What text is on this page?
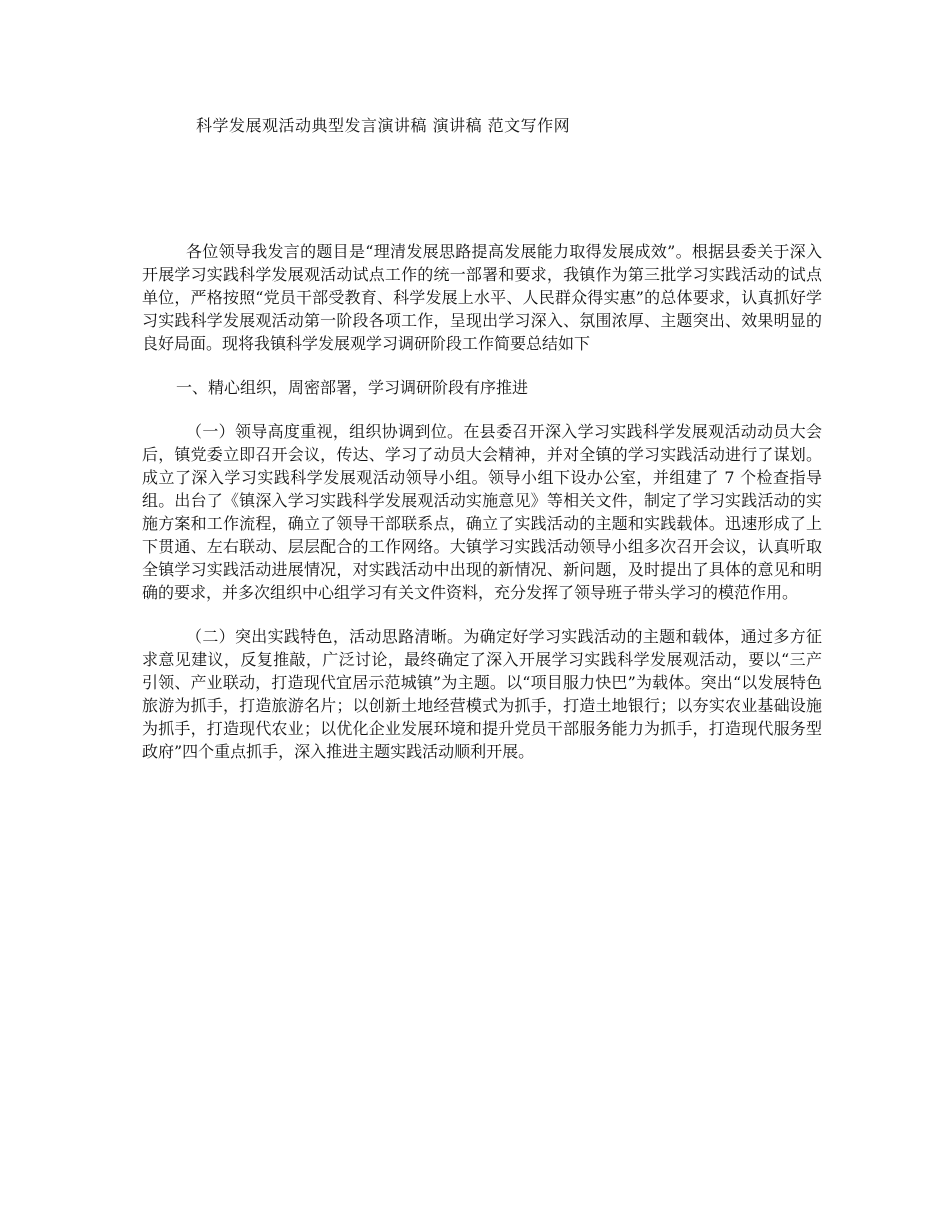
科学发展观活动典型发言演讲稿 演讲稿 范文写作网

各位领导我发言的题目是“理清发展思路提高发展能力取得发展成效”。根据县委关于深入开展学习实践科学发展观活动试点工作的统一部署和要求，我镇作为第三批学习实践活动的试点单位，严格按照“党员干部受教育、科学发展上水平、人民群众得实惠”的总体要求，认真抓好学习实践科学发展观活动第一阶段各项工作，呈现出学习深入、氛围浓厚、主题突出、效果明显的良好局面。现将我镇科学发展观学习调研阶段工作简要总结如下

一、精心组织，周密部署，学习调研阶段有序推进

（一）领导高度重视，组织协调到位。在县委召开深入学习实践科学发展观活动动员大会后，镇党委立即召开会议，传达、学习了动员大会精神，并对全镇的学习实践活动进行了谋划。成立了深入学习实践科学发展观活动领导小组。领导小组下设办公室，并组建了 7 个检查指导组。出台了《镇深入学习实践科学发展观活动实施意见》等相关文件，制定了学习实践活动的实施方案和工作流程，确立了领导干部联系点，确立了实践活动的主题和实践载体。迅速形成了上下贯通、左右联动、层层配合的工作网络。大镇学习实践活动领导小组多次召开会议，认真听取全镇学习实践活动进展情况，对实践活动中出现的新情况、新问题，及时提出了具体的意见和明确的要求，并多次组织中心组学习有关文件资料，充分发挥了领导班子带头学习的模范作用。

（二）突出实践特色，活动思路清晰。为确定好学习实践活动的主题和载体，通过多方征求意见建议，反复推敲，广泛讨论，最终确定了深入开展学习实践科学发展观活动，要以“三产引领、产业联动，打造现代宜居示范城镇”为主题。以“项目服力快巴”为载体。突出“以发展特色旅游为抓手，打造旅游名片；以创新土地经营模式为抓手，打造土地银行；以夯实农业基础设施为抓手，打造现代农业；以优化企业发展环境和提升党员干部服务能力为抓手，打造现代服务型政府”四个重点抓手，深入推进主题实践活动顺利开展。
